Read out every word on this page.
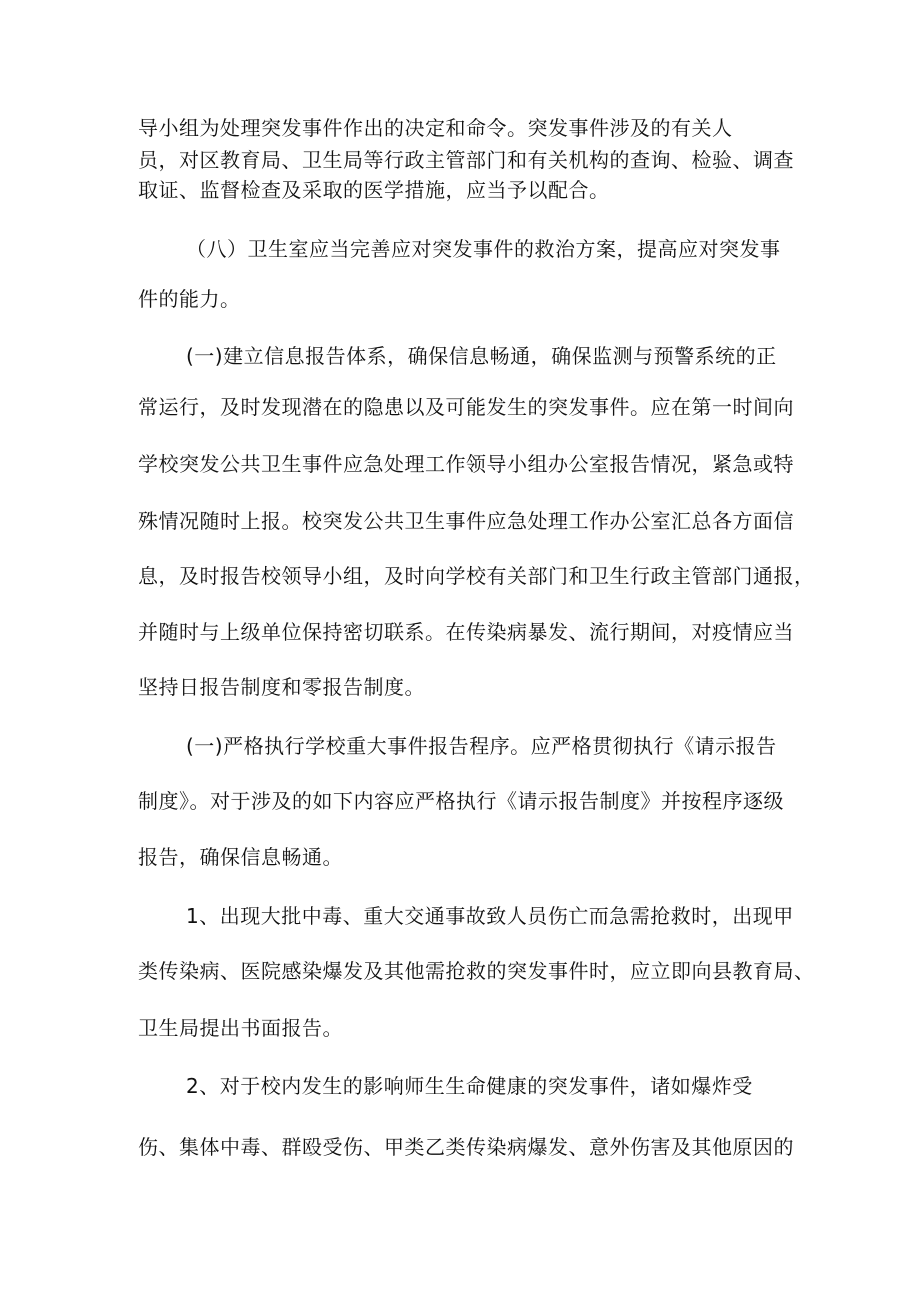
导小组为处理突发事件作出的决定和命令。突发事件涉及的有关人

员，对区教育局、卫生局等行政主管部门和有关机构的查询、检验、调查

取证、监督检查及采取的医学措施，应当予以配合。

（八）卫生室应当完善应对突发事件的救治方案，提高应对突发事

件的能力。

(一)建立信息报告体系，确保信息畅通，确保监测与预警系统的正

常运行，及时发现潜在的隐患以及可能发生的突发事件。应在第一时间向

学校突发公共卫生事件应急处理工作领导小组办公室报告情况，紧急或特

殊情况随时上报。校突发公共卫生事件应急处理工作办公室汇总各方面信

息，及时报告校领导小组，及时向学校有关部门和卫生行政主管部门通报，

并随时与上级单位保持密切联系。在传染病暴发、流行期间，对疫情应当

坚持日报告制度和零报告制度。

(一)严格执行学校重大事件报告程序。应严格贯彻执行《请示报告

制度》。对于涉及的如下内容应严格执行《请示报告制度》并按程序逐级

报告，确保信息畅通。

1、出现大批中毒、重大交通事故致人员伤亡而急需抢救时，出现甲

类传染病、医院感染爆发及其他需抢救的突发事件时，应立即向县教育局、

卫生局提出书面报告。

2、对于校内发生的影响师生生命健康的突发事件，诸如爆炸受

伤、集体中毒、群殴受伤、甲类乙类传染病爆发、意外伤害及其他原因的
